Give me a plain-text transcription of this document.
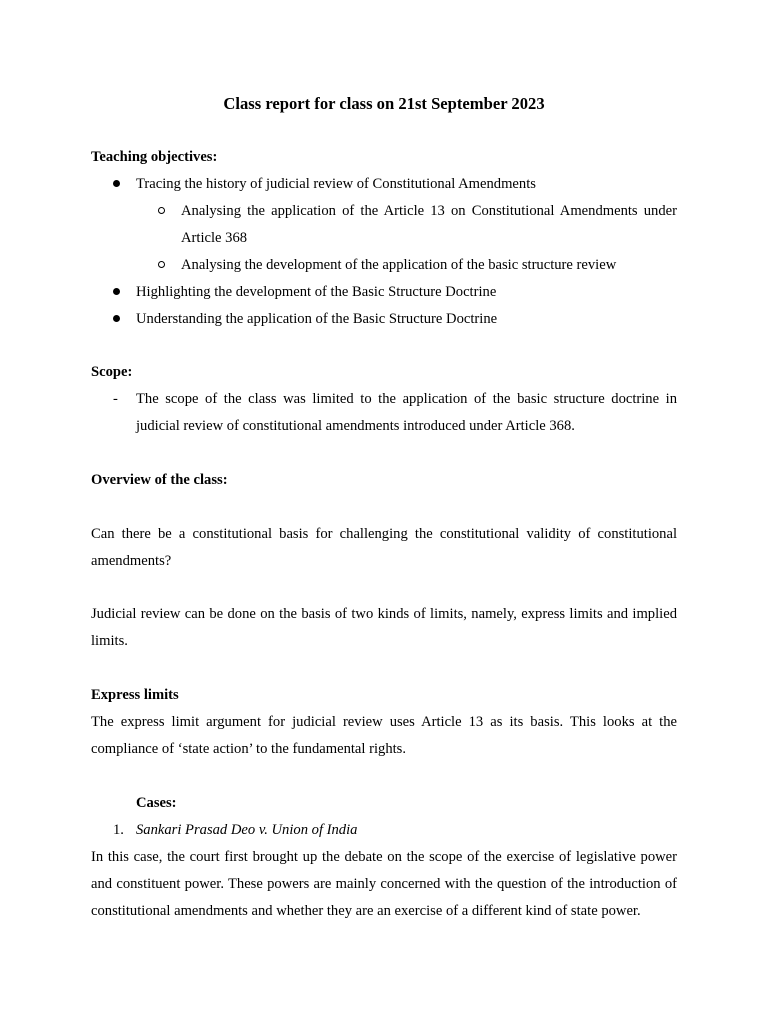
Class report for class on 21st September 2023

Teaching objectives:

Tracing the history of judicial review of Constitutional Amendments
Analysing the application of the Article 13 on Constitutional Amendments under Article 368
Analysing the development of the application of the basic structure review
Highlighting the development of the Basic Structure Doctrine
Understanding the application of the Basic Structure Doctrine

Scope:

-	The scope of the class was limited to the application of the basic structure doctrine in judicial review of constitutional amendments introduced under Article 368.

Overview of the class:

Can there be a constitutional basis for challenging the constitutional validity of constitutional amendments?

Judicial review can be done on the basis of two kinds of limits, namely, express limits and implied limits.

Express limits

The express limit argument for judicial review uses Article 13 as its basis. This looks at the compliance of ‘state action’ to the fundamental rights.

Cases:

1. Sankari Prasad Deo v. Union of India

In this case, the court first brought up the debate on the scope of the exercise of legislative power and constituent power. These powers are mainly concerned with the question of the introduction of constitutional amendments and whether they are an exercise of a different kind of state power.
